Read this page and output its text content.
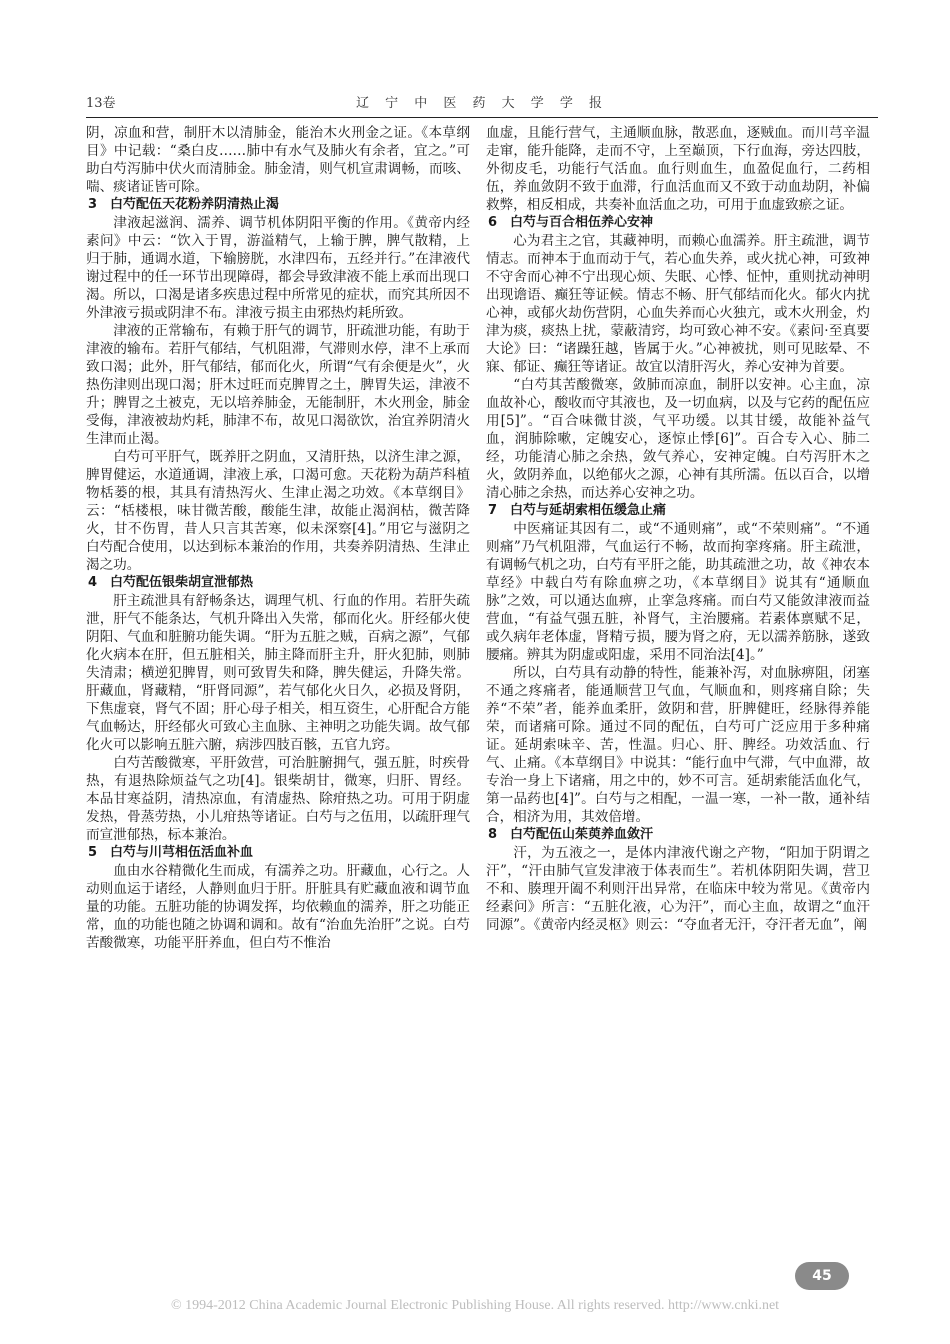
13卷	辽 宁 中 医 药 大 学 学 报

阴，凉血和营，制肝木以清肺金，能治木火刑金之证。《本草纲目》中记载：“桑白皮……肺中有水气及肺火有余者，宜之。”可助白芍泻肺中伏火而清肺金。肺金清，则气机宣肃调畅，而咳、喘、痰诸证皆可除。

3 白芍配伍天花粉养阴清热止渴

津液起滋润、濡养、调节机体阴阳平衡的作用。《黄帝内经素问》中云：“饮入于胃，游溢精气，上输于脾，脾气散精，上归于肺，通调水道，下输膀胱，水津四布，五经并行。”在津液代谢过程中的任一环节出现障碍，都会导致津液不能上承而出现口渴。所以，口渴是诸多疾患过程中所常见的症状，而究其所因不外津液亏损或阴津不布。津液亏损主由邪热灼耗所致。

津液的正常输布，有赖于肝气的调节，肝疏泄功能，有助于津液的输布。若肝气郁结，气机阻滞，气滞则水停，津不上承而致口渴；此外，肝气郁结，郁而化火，所谓“气有余便是火”，火热伤津则出现口渴；肝木过旺而克脾胃之土，脾胃失运，津液不升；脾胃之土被克，无以培养肺金，无能制肝，木火刑金，肺金受侮，津液被劫灼耗，肺津不布，故见口渴欲饮，治宜养阴清火生津而止渴。

白芍可平肝气，既养肝之阴血，又清肝热，以济生津之源，脾胃健运，水道通调，津液上承，口渴可愈。天花粉为葫芦科植物栝蒌的根，其具有清热泻火、生津止渴之功效。《本草纲目》云：“栝楼根，味甘微苦酸，酸能生津，故能止渴润枯，微苦降火，甘不伤胃，昔人只言其苦寒，似未深察[4]。”用它与滋阴之白芍配合使用，以达到标本兼治的作用，共奏养阴清热、生津止渴之功。

4 白芍配伍银柴胡宣泄郁热

肝主疏泄具有舒畅条达，调理气机、行血的作用。若肝失疏泄，肝气不能条达，气机升降出入失常，郁而化火。肝经郁火使阴阳、气血和脏腑功能失调。“肝为五脏之贼，百病之源”，气郁化火病本在肝，但五脏相关，肺主降而肝主升，肝火犯肺，则肺失清肃；横逆犯脾胃，则可致胃失和降，脾失健运，升降失常。肝藏血，肾藏精，“肝肾同源”，若气郁化火日久，必损及肾阴，下焦虚衰，肾气不固；肝心母子相关，相互资生，心肝配合方能气血畅达，肝经郁火可致心主血脉、主神明之功能失调。故气郁化火可以影响五脏六腑，病涉四肢百骸，五官九窍。

白芍苦酸微寒，平肝敛营，可治脏腑拥气，强五脏，时疾骨热，有退热除烦益气之功[4]。银柴胡甘，微寒，归肝、胃经。本品甘寒益阴，清热凉血，有清虚热、除疳热之功。可用于阴虚发热，骨蒸劳热，小儿疳热等诸证。白芍与之伍用，以疏肝理气而宣泄郁热，标本兼治。

5 白芍与川芎相伍活血补血

血由水谷精微化生而成，有濡养之功。肝藏血，心行之。人动则血运于诸经，人静则血归于肝。肝脏具有贮藏血液和调节血量的功能。五脏功能的协调发挥，均依赖血的濡养，肝之功能正常，血的功能也随之协调和调和。故有“治血先治肝”之说。白芍苦酸微寒，功能平肝养血，但白芍不惟治

血虚，且能行营气，主通顺血脉，散恶血，逐贼血。而川芎辛温走窜，能升能降，走而不守，上至巅顶，下行血海，旁达四肢，外彻皮毛，功能行气活血。血行则血生，血盈促血行，二药相伍，养血敛阴不致于血滞，行血活血而又不致于动血劫阴，补偏救弊，相反相成，共奏补血活血之功，可用于血虚致瘀之证。

6 白芍与百合相伍养心安神

心为君主之官，其藏神明，而赖心血濡养。肝主疏泄，调节情志。而神本于血而动于气，若心血失养，或火扰心神，可致神不守舍而心神不宁出现心烦、失眠、心悸、怔忡，重则扰动神明出现谵语、癫狂等证候。情志不畅、肝气郁结而化火。郁火内扰心神，或郁火劫伤营阴，心血失养而心火独亢，或木火刑金，灼津为痰，痰热上扰，蒙蔽清窍，均可致心神不安。《素问·至真要大论》曰：“诸躁狂越，皆属于火。”心神被扰，则可见眩晕、不寐、郁证、癫狂等诸证。故宜以清肝泻火，养心安神为首要。

“白芍其苦酸微寒，敛肺而凉血，制肝以安神。心主血，凉血故补心，酸收而守其液也，及一切血病，以及与它药的配伍应用[5]”。“百合味微甘淡，气平功缓。以其甘缓，故能补益气血，润肺除嗽，定魄安心，逐惊止悸[6]”。百合专入心、肺二经，功能清心肺之余热，敛气养心，安神定魄。白芍泻肝木之火，敛阴养血，以绝郁火之源，心神有其所濡。伍以百合，以增清心肺之余热，而达养心安神之功。

7 白芍与延胡索相伍缓急止痛

中医痛证其因有二，或“不通则痛”，或“不荣则痛”。“不通则痛”乃气机阻滞，气血运行不畅，故而拘挛疼痛。肝主疏泄，有调畅气机之功，白芍有平肝之能，助其疏泄之功，故《神农本草经》中载白芍有除血痹之功，《本草纲目》说其有“通顺血脉”之效，可以通达血痹，止挛急疼痛。而白芍又能敛津液而益营血，“有益气强五脏，补肾气，主治腰痛。若素体禀赋不足，或久病年老体虚，肾精亏损，腰为肾之府，无以濡养筋脉，遂致腰痛。辨其为阴虚或阳虚，采用不同治法[4]。”

所以，白芍具有动静的特性，能兼补泻，对血脉痹阻，闭塞不通之疼痛者，能通顺营卫气血，气顺血和，则疼痛自除；失养“不荣”者，能养血柔肝，敛阴和营，肝脾健旺，经脉得养能荣，而诸痛可除。通过不同的配伍，白芍可广泛应用于多种痛证。延胡索味辛、苦，性温。归心、肝、脾经。功效活血、行气、止痛。《本草纲目》中说其：“能行血中气滞，气中血滞，故专治一身上下诸痛，用之中的，妙不可言。延胡索能活血化气，第一品药也[4]”。白芍与之相配，一温一寒，一补一散，通补结合，相济为用，其效倍增。

8 白芍配伍山茱萸养血敛汗

汗，为五液之一，是体内津液代谢之产物，“阳加于阴谓之汗”，“汗由肺气宣发津液于体表而生”。若机体阴阳失调，营卫不和、腠理开阖不利则汗出异常，在临床中较为常见。《黄帝内经素问》所言：“五脏化液，心为汗”，而心主血，故谓之“血汗同源”。《黄帝内经灵枢》则云：“夺血者无汗，夺汗者无血”，阐

45
© 1994-2012 China Academic Journal Electronic Publishing House. All rights reserved. http://www.cnki.net
